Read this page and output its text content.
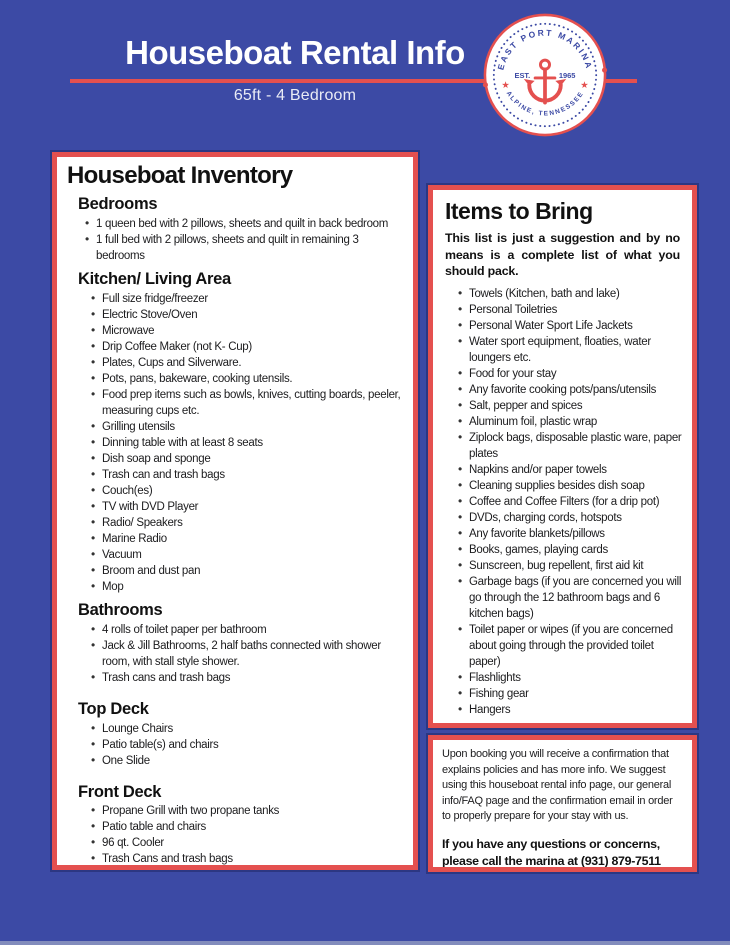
Houseboat Rental Info
65ft - 4 Bedroom
EAST PORT MARINA
ALPINE, TENNESSEE
EST.	1965
★	★
Houseboat Inventory
Bedrooms
• 1 queen bed with 2 pillows, sheets and quilt in back bedroom
• 1 full bed with 2 pillows, sheets and quilt in remaining 3 bedrooms
Kitchen/ Living Area
• Full size fridge/freezer
• Electric Stove/Oven
• Microwave
• Drip Coffee Maker (not K- Cup)
• Plates, Cups and Silverware.
• Pots, pans, bakeware, cooking utensils.
• Food prep items such as bowls, knives, cutting boards, peeler, measuring cups etc.
• Grilling utensils
• Dinning table with at least 8 seats
• Dish soap and sponge
• Trash can and trash bags
• Couch(es)
• TV with DVD Player
• Radio/ Speakers
• Marine Radio
• Vacuum
• Broom and dust pan
• Mop
Bathrooms
• 4 rolls of toilet paper per bathroom
• Jack & Jill Bathrooms, 2 half baths connected with shower room, with stall style shower.
• Trash cans and trash bags
Top Deck
• Lounge Chairs
• Patio table(s) and chairs
• One Slide
Front Deck
• Propane Grill with two propane tanks
• Patio table and chairs
• 96 qt. Cooler
• Trash Cans and trash bags
Items to Bring

This list is just a suggestion and by no means is a complete list of what you should pack.

• Towels (Kitchen, bath and lake)
• Personal Toiletries
• Personal Water Sport Life Jackets
• Water sport equipment, floaties, water loungers etc.
• Food for your stay
• Any favorite cooking pots/pans/utensils
• Salt, pepper and spices
• Aluminum foil, plastic wrap
• Ziplock bags, disposable plastic ware, paper plates
• Napkins and/or paper towels
• Cleaning supplies besides dish soap
• Coffee and Coffee Filters (for a drip pot)
• DVDs, charging cords, hotspots
• Any favorite blankets/pillows
• Books, games, playing cards
• Sunscreen, bug repellent, first aid kit
• Garbage bags (if you are concerned you will go through the 12 bathroom bags and 6 kitchen bags)
• Toilet paper or wipes (if you are concerned about going through the provided toilet paper)
• Flashlights
• Fishing gear
• Hangers

Upon booking you will receive a confirmation that explains policies and has more info. We suggest using this houseboat rental info page, our general info/FAQ page and the confirmation email in order to properly prepare for your stay with us.

If you have any questions or concerns,
please call the marina at (931) 879-7511
